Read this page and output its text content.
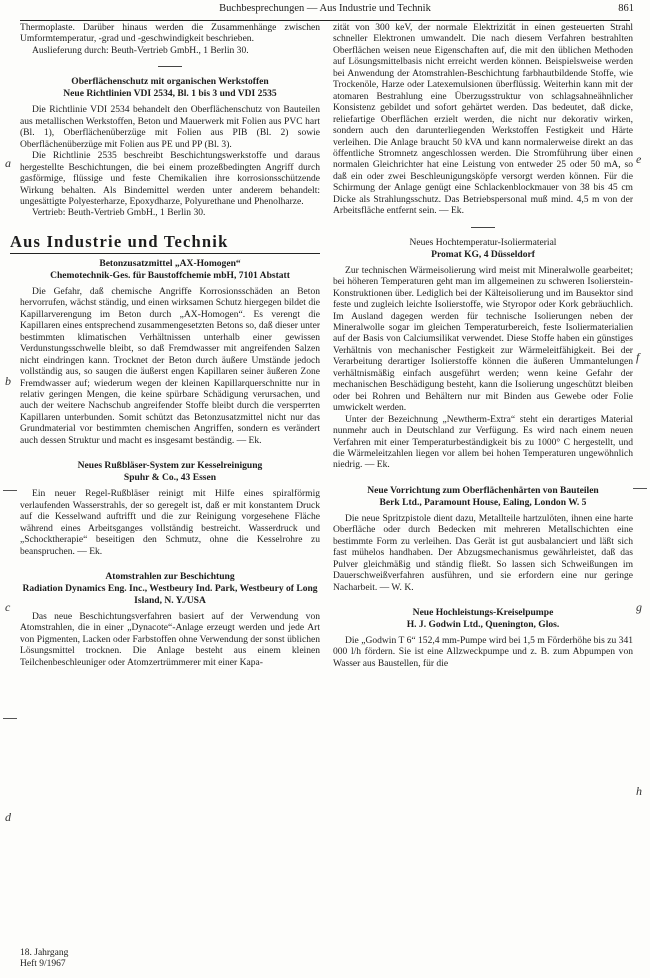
Buchbesprechungen — Aus Industrie und Technik	861

Thermoplaste. Darüber hinaus werden die Zusammenhänge zwischen Umformtemperatur, -grad und -geschwindigkeit beschrieben.

Auslieferung durch: Beuth-Vertrieb GmbH., 1 Berlin 30.

Oberflächenschutz mit organischen Werkstoffen
Neue Richtlinien VDI 2534, Bl. 1 bis 3 und VDI 2535

Die Richtlinie VDI 2534 behandelt den Oberflächenschutz von Bauteilen aus metallischen Werkstoffen, Beton und Mauerwerk mit Folien aus PVC hart (Bl. 1), Oberflächenüberzüge mit Folien aus PIB (Bl. 2) sowie Oberflächenüberzüge mit Folien aus PE und PP (Bl. 3).

Die Richtlinie 2535 beschreibt Beschichtungswerkstoffe und daraus hergestellte Beschichtungen, die bei einem prozeßbedingten Angriff durch gasförmige, flüssige und feste Chemikalien ihre korrosionsschützende Wirkung behalten. Als Bindemittel werden unter anderem behandelt: ungesättigte Polyesterharze, Epoxydharze, Polyurethane und Phenolharze.

Vertrieb: Beuth-Vertrieb GmbH., 1 Berlin 30.

Aus Industrie und Technik
Betonzusatzmittel „AX-Homogen“
Chemotechnik-Ges. für Baustoffchemie mbH, 7101 Abstatt

Die Gefahr, daß chemische Angriffe Korrosionsschäden an Beton hervorrufen, wächst ständig, und einen wirksamen Schutz hiergegen bildet die Kapillarverengung im Beton durch „AX-Homogen“. Es verengt die Kapillaren eines entsprechend zusammengesetzten Betons so, daß dieser unter bestimmten klimatischen Verhältnissen unterhalb einer gewissen Verdunstungsschwelle bleibt, so daß Fremdwasser mit angreifenden Salzen nicht eindringen kann. Trocknet der Beton durch äußere Umstände jedoch vollständig aus, so saugen die äußerst engen Kapillaren seiner äußeren Zone Fremdwasser auf; wiederum wegen der kleinen Kapillarquerschnitte nur in relativ geringen Mengen, die keine spürbare Schädigung verursachen, und auch der weitere Nachschub angreifender Stoffe bleibt durch die versperrten Kapillaren unterbunden. Somit schützt das Betonzusatzmittel nicht nur das Grundmaterial vor bestimmten chemischen Angriffen, sondern es verändert auch dessen Struktur und macht es insgesamt beständig. — Ek.

Neues Rußbläser-System zur Kesselreinigung
Spuhr & Co., 43 Essen

Ein neuer Regel-Rußbläser reinigt mit Hilfe eines spiralförmig verlaufenden Wasserstrahls, der so geregelt ist, daß er mit konstantem Druck auf die Kesselwand auftrifft und die zur Reinigung vorgesehene Fläche während eines Arbeitsganges vollständig bestreicht. Wasserdruck und „Schocktherapie“ beseitigen den Schmutz, ohne die Kesselrohre zu beanspruchen. — Ek.

Atomstrahlen zur Beschichtung
Radiation Dynamics Eng. Inc., Westbeury Ind. Park, Westbeury of Long Island, N. Y./USA

Das neue Beschichtungsverfahren basiert auf der Verwendung von Atomstrahlen, die in einer „Dynacote“-Anlage erzeugt werden und jede Art von Pigmenten, Lacken oder Farbstoffen ohne Verwendung der sonst üblichen Lösungsmittel trocknen. Die Anlage besteht aus einem kleinen Teilchenbeschleuniger oder Atomzertrümmerer mit einer Kapa-

zität von 300 keV, der normale Elektrizität in einen gesteuerten Strahl schneller Elektronen umwandelt. Die nach diesem Verfahren bestrahlten Oberflächen weisen neue Eigenschaften auf, die mit den üblichen Methoden auf Lösungsmittelbasis nicht erreicht werden können. Beispielsweise werden bei Anwendung der Atomstrahlen-Beschichtung farbhautbildende Stoffe, wie Trockenöle, Harze oder Latexemulsionen überflüssig. Weiterhin kann mit der atomaren Bestrahlung eine Überzugsstruktur von schlagsahneähnlicher Konsistenz gebildet und sofort gehärtet werden. Das bedeutet, daß dicke, reliefartige Oberflächen erzielt werden, die nicht nur dekorativ wirken, sondern auch den darunterliegenden Werkstoffen Festigkeit und Härte verleihen. Die Anlage braucht 50 kVA und kann normalerweise direkt an das öffentliche Stromnetz angeschlossen werden. Die Stromführung über einen normalen Gleichrichter hat eine Leistung von entweder 25 oder 50 mA, so daß ein oder zwei Beschleunigungsköpfe versorgt werden können. Für die Schirmung der Anlage genügt eine Schlackenblockmauer von 38 bis 45 cm Dicke als Strahlungsschutz. Das Betriebspersonal muß mind. 4,5 m von der Arbeitsfläche entfernt sein. — Ek.

Neues Hochtemperatur-Isoliermaterial
Promat KG, 4 Düsseldorf

Zur technischen Wärmeisolierung wird meist mit Mineralwolle gearbeitet; bei höheren Temperaturen geht man im allgemeinen zu schweren Isolierstein-Konstruktionen über. Lediglich bei der Kälteisolierung und im Bausektor sind feste und zugleich leichte Isolierstoffe, wie Styropor oder Kork gebräuchlich. Im Ausland dagegen werden für technische Isolierungen neben der Mineralwolle sogar im gleichen Temperaturbereich, feste Isoliermaterialien auf der Basis von Calciumsilikat verwendet. Diese Stoffe haben ein günstiges Verhältnis von mechanischer Festigkeit zur Wärmeleitfähigkeit. Bei der Verarbeitung derartiger Isolierstoffe können die äußeren Ummantelungen verhältnismäßig einfach ausgeführt werden; wenn keine Gefahr der mechanischen Beschädigung besteht, kann die Isolierung ungeschützt bleiben oder bei Rohren und Behältern nur mit Binden aus Gewebe oder Folie umwickelt werden.

Unter der Bezeichnung „Newtherm-Extra“ steht ein derartiges Material nunmehr auch in Deutschland zur Verfügung. Es wird nach einem neuen Verfahren mit einer Temperaturbeständigkeit bis zu 1000° C hergestellt, und die Wärmeleitzahlen liegen vor allem bei hohen Temperaturen ungewöhnlich niedrig. — Ek.

Neue Vorrichtung zum Oberflächenhärten von Bauteilen
Berk Ltd., Paramount House, Ealing, London W. 5

Die neue Spritzpistole dient dazu, Metallteile hartzulöten, ihnen eine harte Oberfläche oder durch Bedecken mit mehreren Metallschichten eine bestimmte Form zu verleihen. Das Gerät ist gut ausbalanciert und läßt sich fast mühelos handhaben. Der Abzugsmechanismus gewährleistet, daß das Pulver gleichmäßig und ständig fließt. So lassen sich Schweißungen im Dauerschweißverfahren ausführen, und sie erfordern eine nur geringe Nacharbeit. — W. K.

Neue Hochleistungs-Kreiselpumpe
H. J. Godwin Ltd., Quenington, Glos.

Die „Godwin T 6“ 152,4 mm-Pumpe wird bei 1,5 m Förderhöhe bis zu 341 000 l/h fördern. Sie ist eine Allzweckpumpe und z. B. zum Abpumpen von Wasser aus Baustellen, für die

a
b
c
d
e
f
g
h
18. Jahrgang
Heft 9/1967
